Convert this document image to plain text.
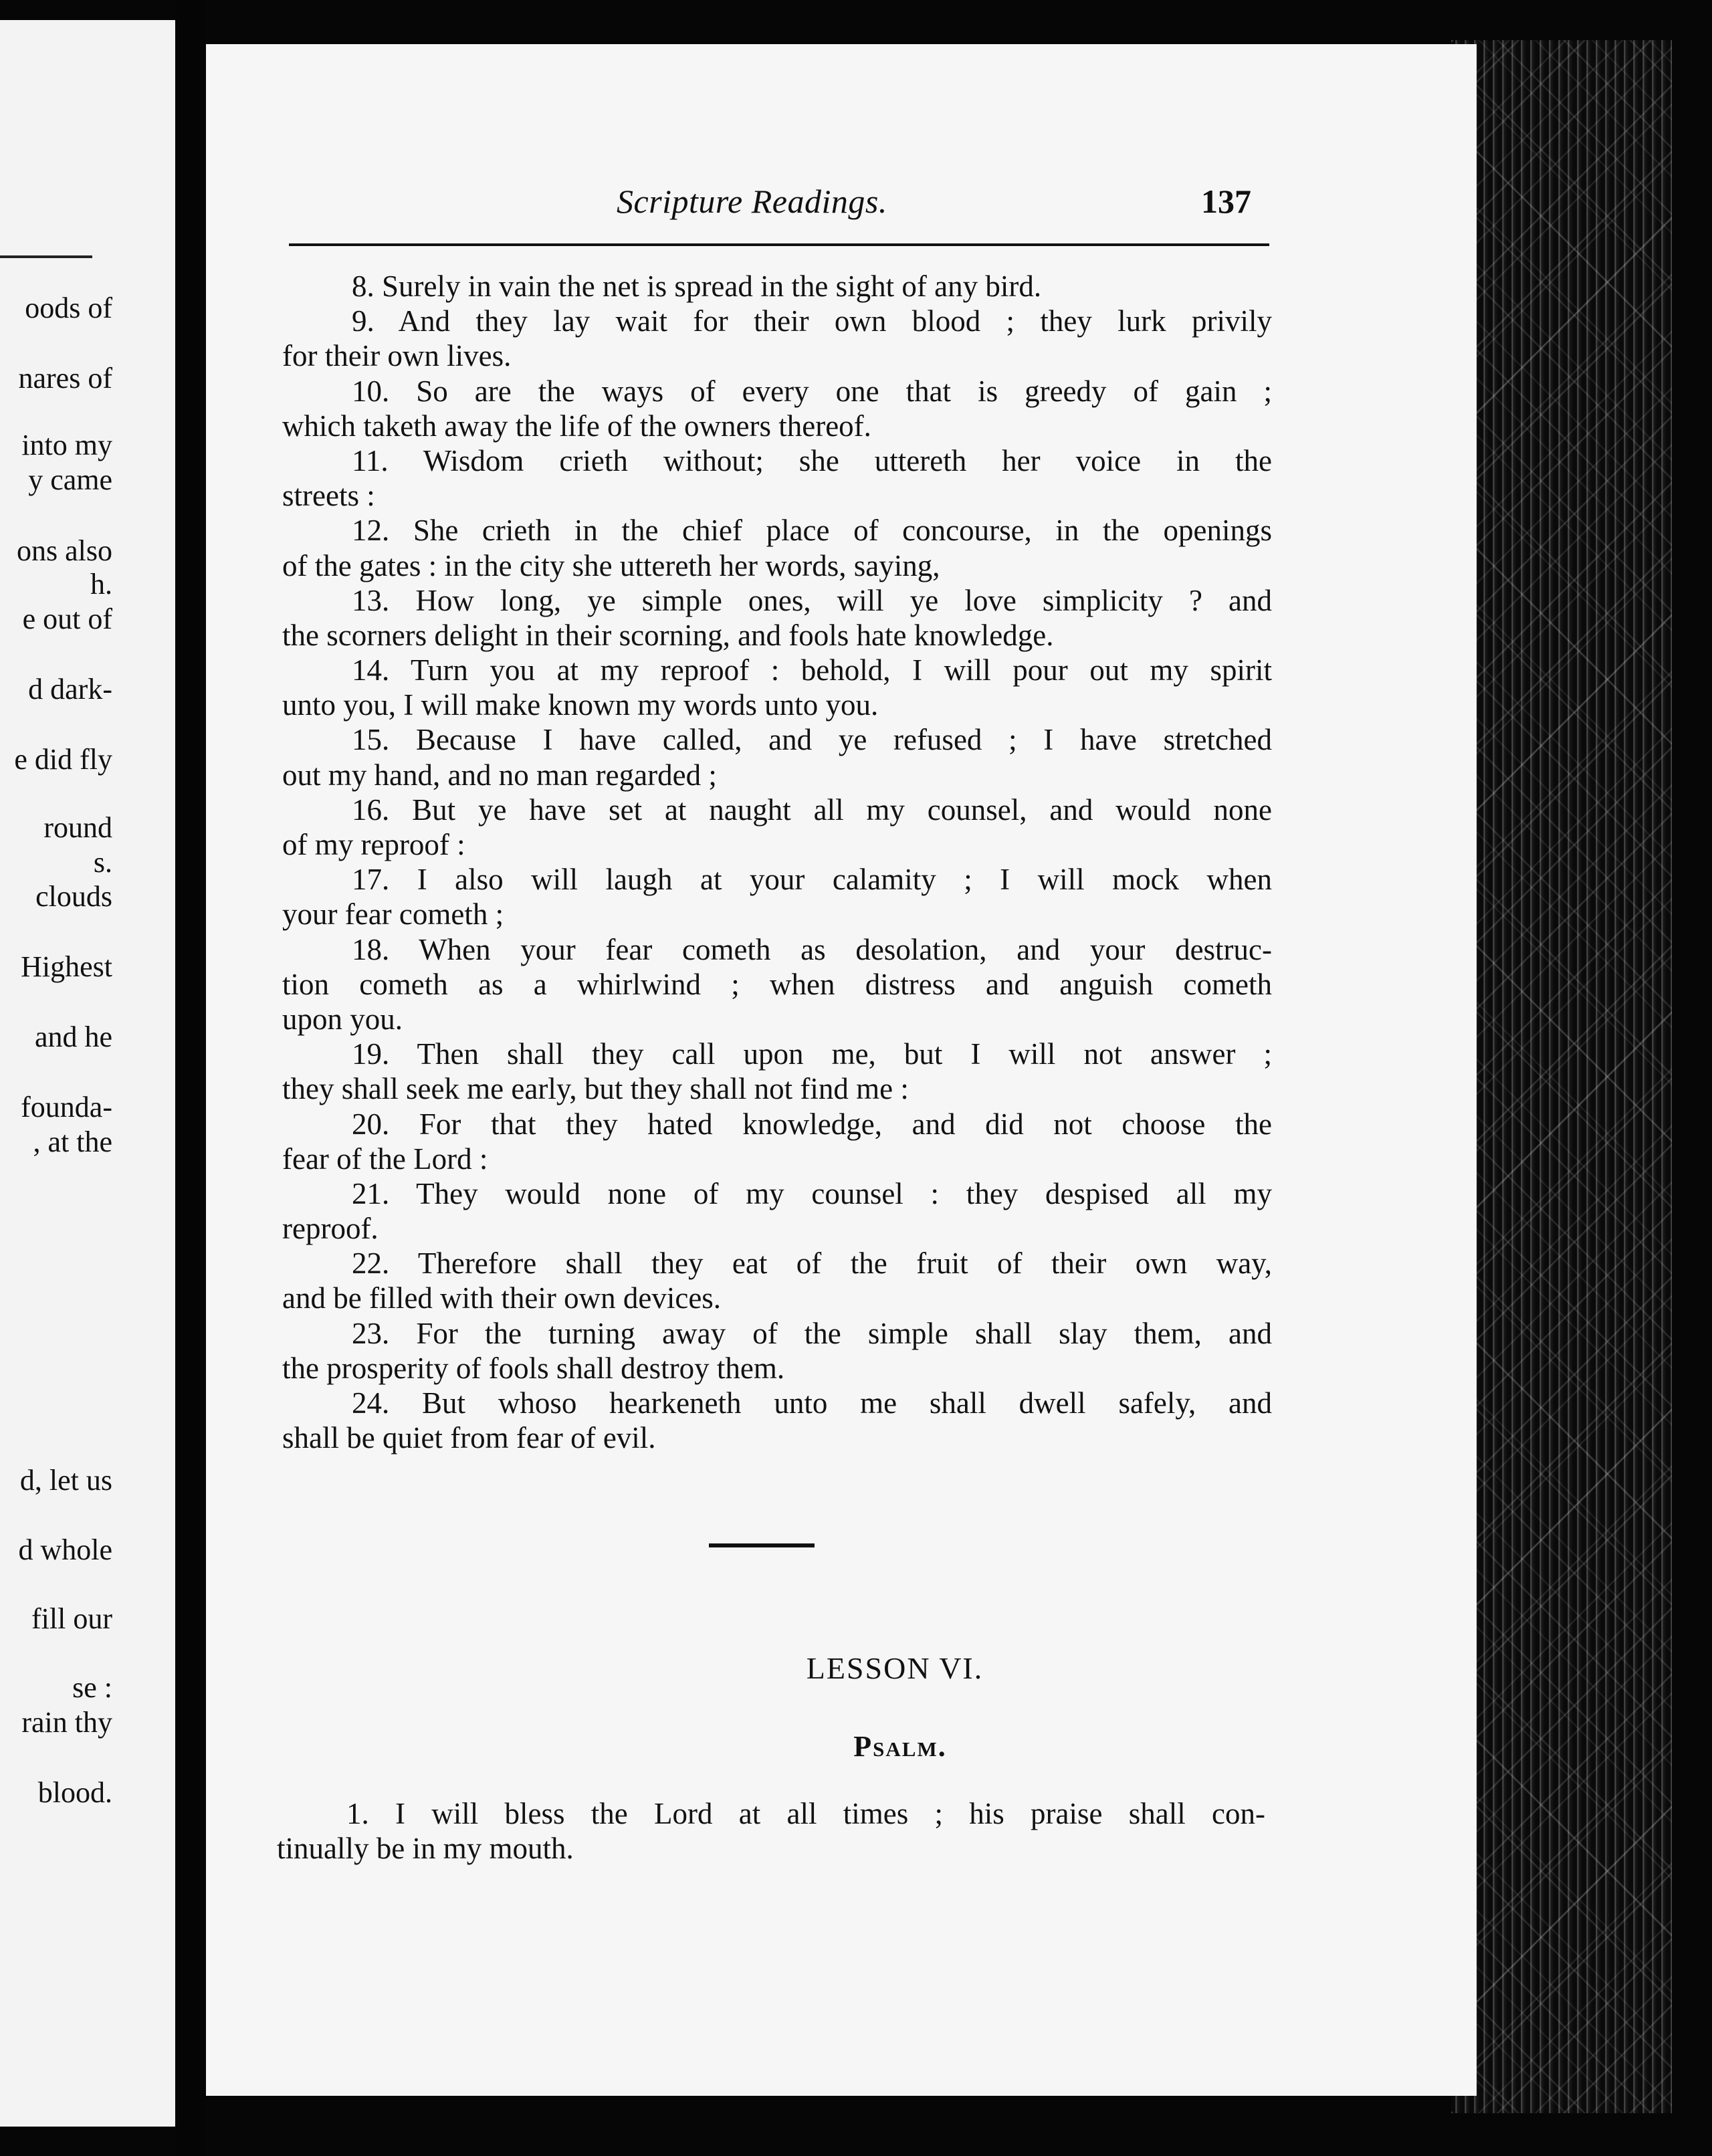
oods of
nares of
into my
y came
ons also
h.
e out of
d dark-
e did fly
round
s.
clouds
Highest
and he
founda-
, at the
d, let us
d whole
fill our
se :
rain thy
blood.
Scripture Readings.	137
8. Surely in vain the net is spread in the sight of any bird.
9. And they lay wait for their own blood ; they lurk privily
for their own lives.
10. So are the ways of every one that is greedy of gain ;
which taketh away the life of the owners thereof.
11. Wisdom crieth without; she uttereth her voice in the
streets :
12. She crieth in the chief place of concourse, in the openings
of the gates : in the city she uttereth her words, saying,
13. How long, ye simple ones, will ye love simplicity ? and
the scorners delight in their scorning, and fools hate knowledge.
14. Turn you at my reproof : behold, I will pour out my spirit
unto you, I will make known my words unto you.
15. Because I have called, and ye refused ; I have stretched
out my hand, and no man regarded ;
16. But ye have set at naught all my counsel, and would none
of my reproof :
17. I also will laugh at your calamity ; I will mock when
your fear cometh ;
18. When your fear cometh as desolation, and your destruc-
tion cometh as a whirlwind ; when distress and anguish cometh
upon you.
19. Then shall they call upon me, but I will not answer ;
they shall seek me early, but they shall not find me :
20. For that they hated knowledge, and did not choose the
fear of the Lord :
21. They would none of my counsel : they despised all my
reproof.
22. Therefore shall they eat of the fruit of their own way,
and be filled with their own devices.
23. For the turning away of the simple shall slay them, and
the prosperity of fools shall destroy them.
24. But whoso hearkeneth unto me shall dwell safely, and
shall be quiet from fear of evil.
LESSON VI.
Psalm.
1. I will bless the Lord at all times ; his praise shall con-
tinually be in my mouth.
